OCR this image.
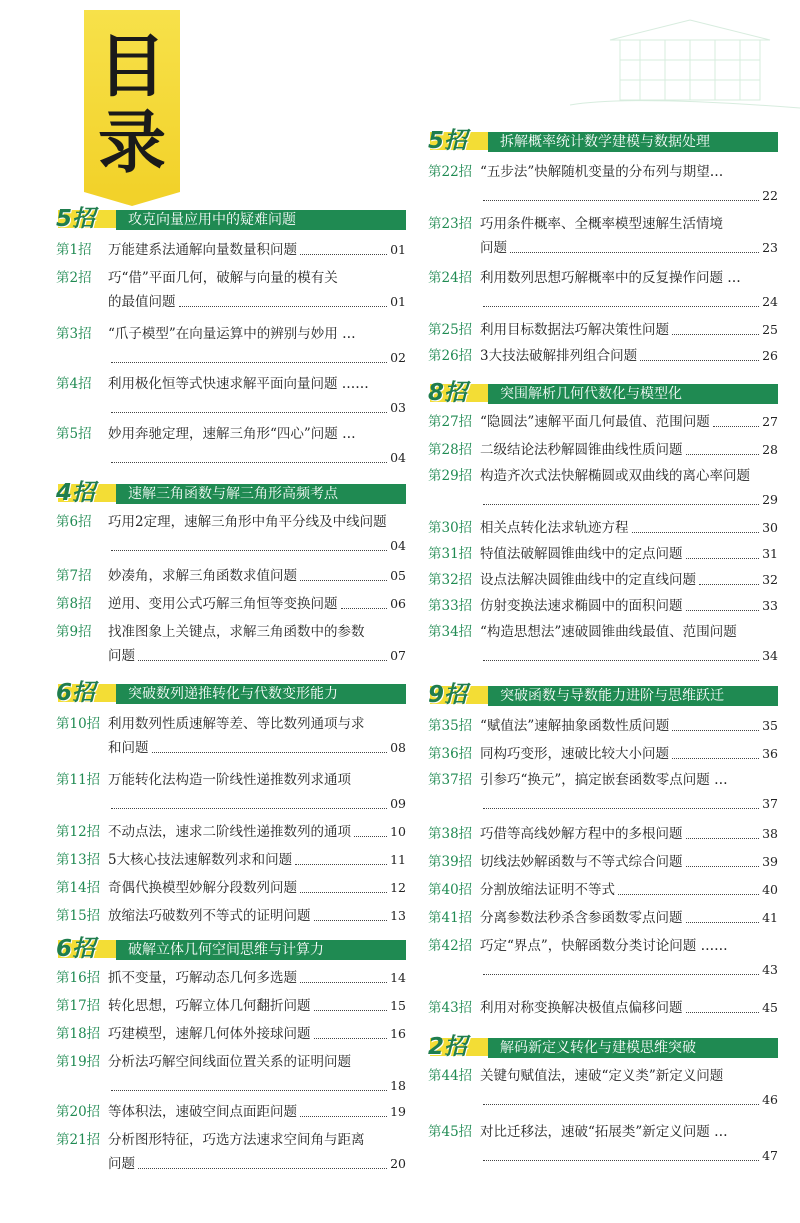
目
录
5招	攻克向量应用中的疑难问题
第1招 万能建系法通解向量数量积问题	01
第2招 巧“借”平面几何，破解与向量的模有关
的最值问题	01
第3招 “爪子模型”在向量运算中的辨别与妙用 …
02
第4招 利用极化恒等式快速求解平面向量问题 ……
03
第5招 妙用奔驰定理，速解三角形“四心”问题 …
04
4招	速解三角函数与解三角形高频考点
第6招 巧用2定理，速解三角形中角平分线及中线问题
04
第7招 妙凑角，求解三角函数求值问题	05
第8招 逆用、变用公式巧解三角恒等变换问题	06
第9招 找准图象上关键点，求解三角函数中的参数
问题	07
6招	突破数列递推转化与代数变形能力
第10招 利用数列性质速解等差、等比数列通项与求
和问题	08
第11招 万能转化法构造一阶线性递推数列求通项
09
第12招 不动点法，速求二阶线性递推数列的通项	10
第13招 5大核心技法速解数列求和问题	11
第14招 奇偶代换模型妙解分段数列问题	12
第15招 放缩法巧破数列不等式的证明问题	13
6招	破解立体几何空间思维与计算力
第16招 抓不变量，巧解动态几何多选题	14
第17招 转化思想，巧解立体几何翻折问题	15
第18招 巧建模型，速解几何体外接球问题	16
第19招 分析法巧解空间线面位置关系的证明问题
18
第20招 等体积法，速破空间点面距问题	19
第21招 分析图形特征，巧选方法速求空间角与距离
问题	20
5招	拆解概率统计数学建模与数据处理
第22招 “五步法”快解随机变量的分布列与期望…
22
第23招 巧用条件概率、全概率模型速解生活情境
问题	23
第24招 利用数列思想巧解概率中的反复操作问题 …
24
第25招 利用目标数据法巧解决策性问题	25
第26招 3大技法破解排列组合问题	26
8招	突围解析几何代数化与模型化
第27招 “隐圆法”速解平面几何最值、范围问题	27
第28招 二级结论法秒解圆锥曲线性质问题	28
第29招 构造齐次式法快解椭圆或双曲线的离心率问题
29
第30招 相关点转化法求轨迹方程	30
第31招 特值法破解圆锥曲线中的定点问题	31
第32招 设点法解决圆锥曲线中的定直线问题	32
第33招 仿射变换法速求椭圆中的面积问题	33
第34招 “构造思想法”速破圆锥曲线最值、范围问题
34
9招	突破函数与导数能力进阶与思维跃迁
第35招 “赋值法”速解抽象函数性质问题	35
第36招 同构巧变形，速破比较大小问题	36
第37招 引参巧“换元”，搞定嵌套函数零点问题 …
37
第38招 巧借等高线妙解方程中的多根问题	38
第39招 切线法妙解函数与不等式综合问题	39
第40招 分割放缩法证明不等式	40
第41招 分离参数法秒杀含参函数零点问题	41
第42招 巧定“界点”，快解函数分类讨论问题 ……
43
第43招 利用对称变换解决极值点偏移问题	45
2招	解码新定义转化与建模思维突破
第44招 关键句赋值法，速破“定义类”新定义问题
46
第45招 对比迁移法，速破“拓展类”新定义问题 …
47
